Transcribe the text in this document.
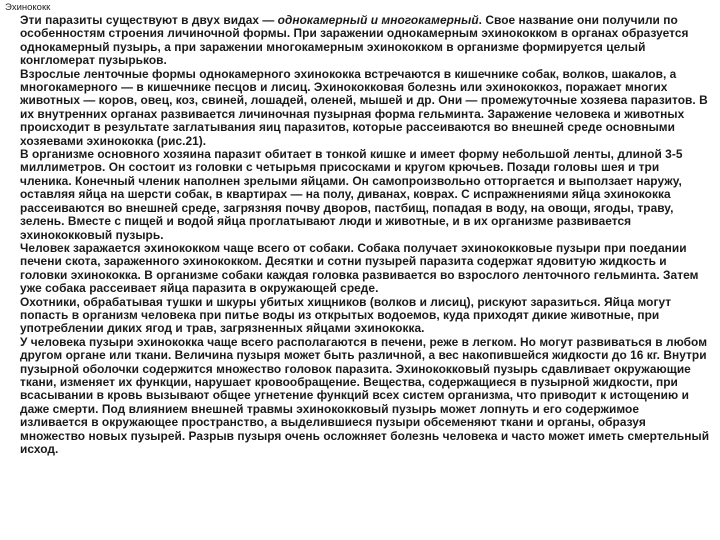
Эхинококк

Эти паразиты существуют в двух видах — однокамерный и многокамерный. Свое название они получили по особенностям строения личиночной формы. При заражении однокамерным эхинококком в органах образуется однокамерный пузырь, а при заражении многокамерным эхинококком в организме формируется целый конгломерат пузырьков.

Взрослые ленточные формы однокамерного эхинококка встречаются в кишечнике собак, волков, шакалов, а многокамерного — в кишечнике песцов и лисиц. Эхинококковая болезнь или эхинококкоз, поражает многих животных — коров, овец, коз, свиней, лошадей, оленей, мышей и др. Они — промежуточные хозяева паразитов. В их внутренних органах развивается личиночная пузырная форма гельминта. Заражение человека и животных происходит в результате заглатывания яиц паразитов, которые рассеиваются во внешней среде основными хозяевами эхинококка (рис.21).

В организме основного хозяина паразит обитает в тонкой кишке и имеет форму небольшой ленты, длиной 3-5 миллиметров. Он состоит из головки с четырьмя присосками и кругом крючьев. Позади головы шея и три членика. Конечный членик наполнен зрелыми яйцами. Он самопроизвольно отторгается и выползает наружу, оставляя яйца на шерсти собак, в квартирах — на полу, диванах, коврах. С испражнениями яйца эхинококка рассеиваются во внешней среде, загрязняя почву дворов, пастбищ, попадая в воду, на овощи, ягоды, траву, зелень. Вместе с пищей и водой яйца проглатывают люди и животные, и в их организме развивается эхинококковый пузырь.

Человек заражается эхинококком чаще всего от собаки. Собака получает эхинококковые пузыри при поедании печени скота, зараженного эхинококком. Десятки и сотни пузырей паразита содержат ядовитую жидкость и головки эхинококка. В организме собаки каждая головка развивается во взрослого ленточного гельминта. Затем уже собака рассеивает яйца паразита в окружающей среде.

Охотники, обрабатывая тушки и шкуры убитых хищников (волков и лисиц), рискуют заразиться. Яйца могут попасть в организм человека при питье воды из открытых водоемов, куда приходят дикие животные, при употреблении диких ягод и трав, загрязненных яйцами эхинококка.

У человека пузыри эхинококка чаще всего располагаются в печени, реже в легком. Но могут развиваться в любом другом органе или ткани. Величина пузыря может быть различной, а вес накопившейся жидкости до 16 кг. Внутри пузырной оболочки содержится множество головок паразита. Эхинококковый пузырь сдавливает окружающие ткани, изменяет их функции, нарушает кровообращение. Вещества, содержащиеся в пузырной жидкости, при всасывании в кровь вызывают общее угнетение функций всех систем организма, что приводит к истощению и даже смерти. Под влиянием внешней травмы эхинококковый пузырь может лопнуть и его содержимое изливается в окружающее пространство, а выделившиеся пузыри обсеменяют ткани и органы, образуя множество новых пузырей. Разрыв пузыря очень осложняет болезнь человека и часто может иметь смертельный исход.
